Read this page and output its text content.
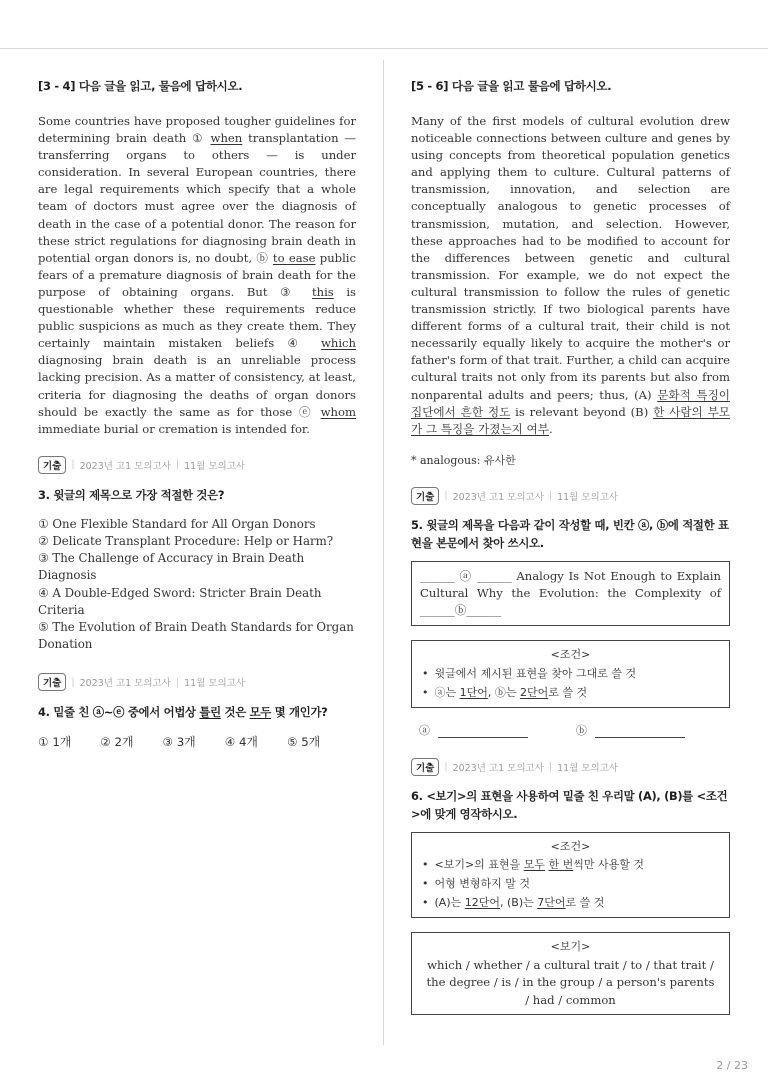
[3 - 4] 다음 글을 읽고, 물음에 답하시오.

Some countries have proposed tougher guidelines for determining brain death ① when transplantation — transferring organs to others — is under consideration. In several European countries, there are legal requirements which specify that a whole team of doctors must agree over the diagnosis of death in the case of a potential donor. The reason for these strict regulations for diagnosing brain death in potential organ donors is, no doubt, ⓑ to ease public fears of a premature diagnosis of brain death for the purpose of obtaining organs. But ③ this is questionable whether these requirements reduce public suspicions as much as they create them. They certainly maintain mistaken beliefs ④ which diagnosing brain death is an unreliable process lacking precision. As a matter of consistency, at least, criteria for diagnosing the deaths of organ donors should be exactly the same as for those ⓔ whom immediate burial or cremation is intended for.

기출	| 2023년 고1 모의고사 | 11월 모의고사
3. 윗글의 제목으로 가장 적절한 것은?
① One Flexible Standard for All Organ Donors
② Delicate Transplant Procedure: Help or Harm?
③ The Challenge of Accuracy in Brain Death Diagnosis
④ A Double-Edged Sword: Stricter Brain Death Criteria
⑤ The Evolution of Brain Death Standards for Organ Donation
기출	| 2023년 고1 모의고사 | 11월 모의고사
4. 밑줄 친 ⓐ~ⓔ 중에서 어법상 틀린 것은 모두 몇 개인가?
① 1개 ② 2개 ③ 3개 ④ 4개 ⑤ 5개
[5 - 6] 다음 글을 읽고 물음에 답하시오.

Many of the first models of cultural evolution drew noticeable connections between culture and genes by using concepts from theoretical population genetics and applying them to culture. Cultural patterns of transmission, innovation, and selection are conceptually analogous to genetic processes of transmission, mutation, and selection. However, these approaches had to be modified to account for the differences between genetic and cultural transmission. For example, we do not expect the cultural transmission to follow the rules of genetic transmission strictly. If two biological parents have different forms of a cultural trait, their child is not necessarily equally likely to acquire the mother's or father's form of that trait. Further, a child can acquire cultural traits not only from its parents but also from nonparental adults and peers; thus, (A) 문화적 특징이 집단에서 흔한 정도 is relevant beyond (B) 한 사람의 부모가 그 특징을 가졌는지 여부.

* analogous: 유사한
기출	| 2023년 고1 모의고사 | 11월 모의고사
5. 윗글의 제목을 다음과 같이 작성할 때, 빈칸 ⓐ, ⓑ에 적절한 표현을 본문에서 찾아 쓰시오.
______ ⓐ ______ Analogy Is Not Enough to Explain Cultural Why the Evolution: the Complexity of ______ⓑ______
<조건>
• 윗글에서 제시된 표현을 찾아 그대로 쓸 것
• ⓐ는 1단어, ⓑ는 2단어로 쓸 것
ⓐ	ⓑ
기출	| 2023년 고1 모의고사 | 11월 모의고사
6. <보기>의 표현을 사용하여 밑줄 친 우리말 (A), (B)를 <조건>에 맞게 영작하시오.
<조건>
• <보기>의 표현을 모두 한 번씩만 사용할 것
• 어형 변형하지 말 것
• (A)는 12단어, (B)는 7단어로 쓸 것
<보기>
which / whether / a cultural trait / to / that trait / the degree / is / in the group / a person's parents / had / common
2 / 23
